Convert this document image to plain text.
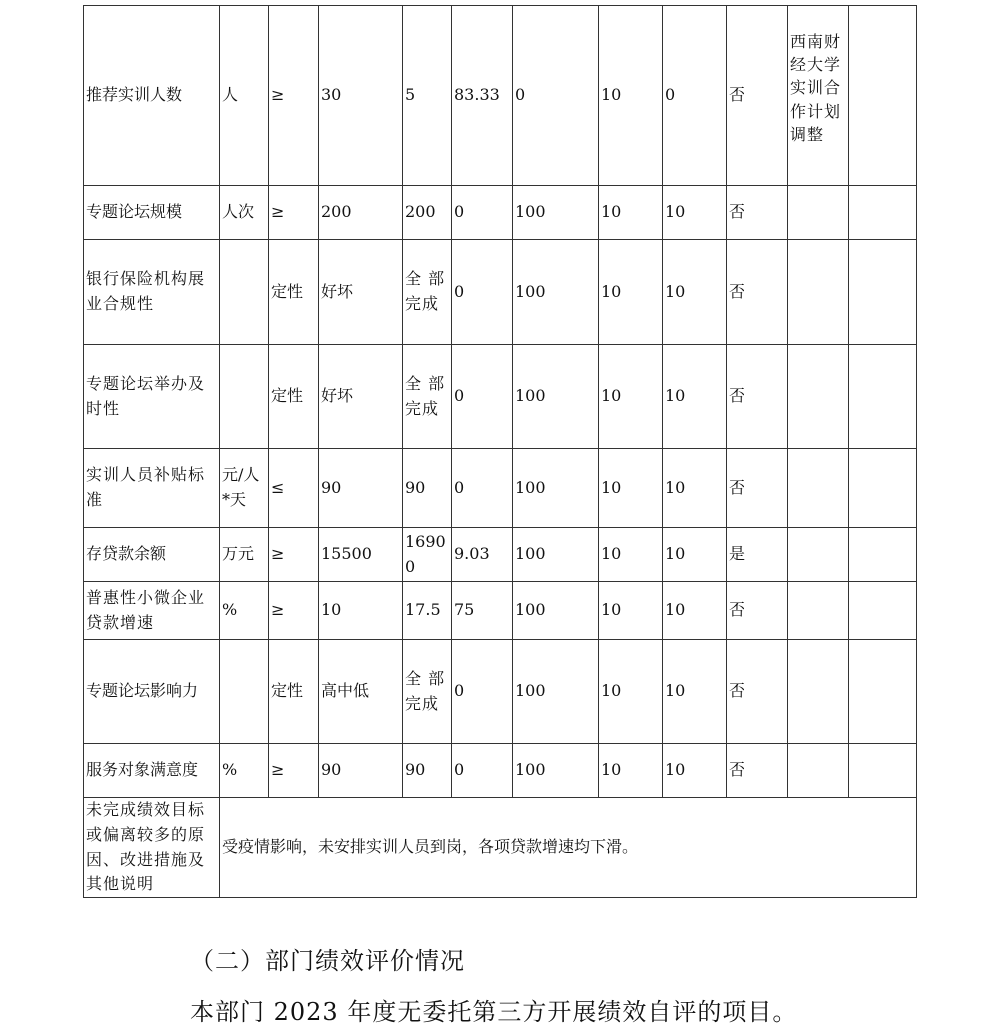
推荐实训人数	人	≥	30	5	83.33	0	10	0	否	西南财经大学实训合作计划调整	
专题论坛规模	人次	≥	200	200	0	100	10	10	否		
银行保险机构展业合规性		定性	好坏	全 部完成	0	100	10	10	否		
专题论坛举办及时性		定性	好坏	全 部完成	0	100	10	10	否		
实训人员补贴标准	元/人*天	≤	90	90	0	100	10	10	否		
存贷款余额	万元	≥	15500	16900	9.03	100	10	10	是		
普惠性小微企业贷款增速	%	≥	10	17.5	75	100	10	10	否		
专题论坛影响力		定性	高中低	全 部完成	0	100	10	10	否		
服务对象满意度	%	≥	90	90	0	100	10	10	否		
未完成绩效目标或偏离较多的原因、改进措施及其他说明	受疫情影响，未安排实训人员到岗，各项贷款增速均下滑。										
（二）部门绩效评价情况
本部门 2023 年度无委托第三方开展绩效自评的项目。
